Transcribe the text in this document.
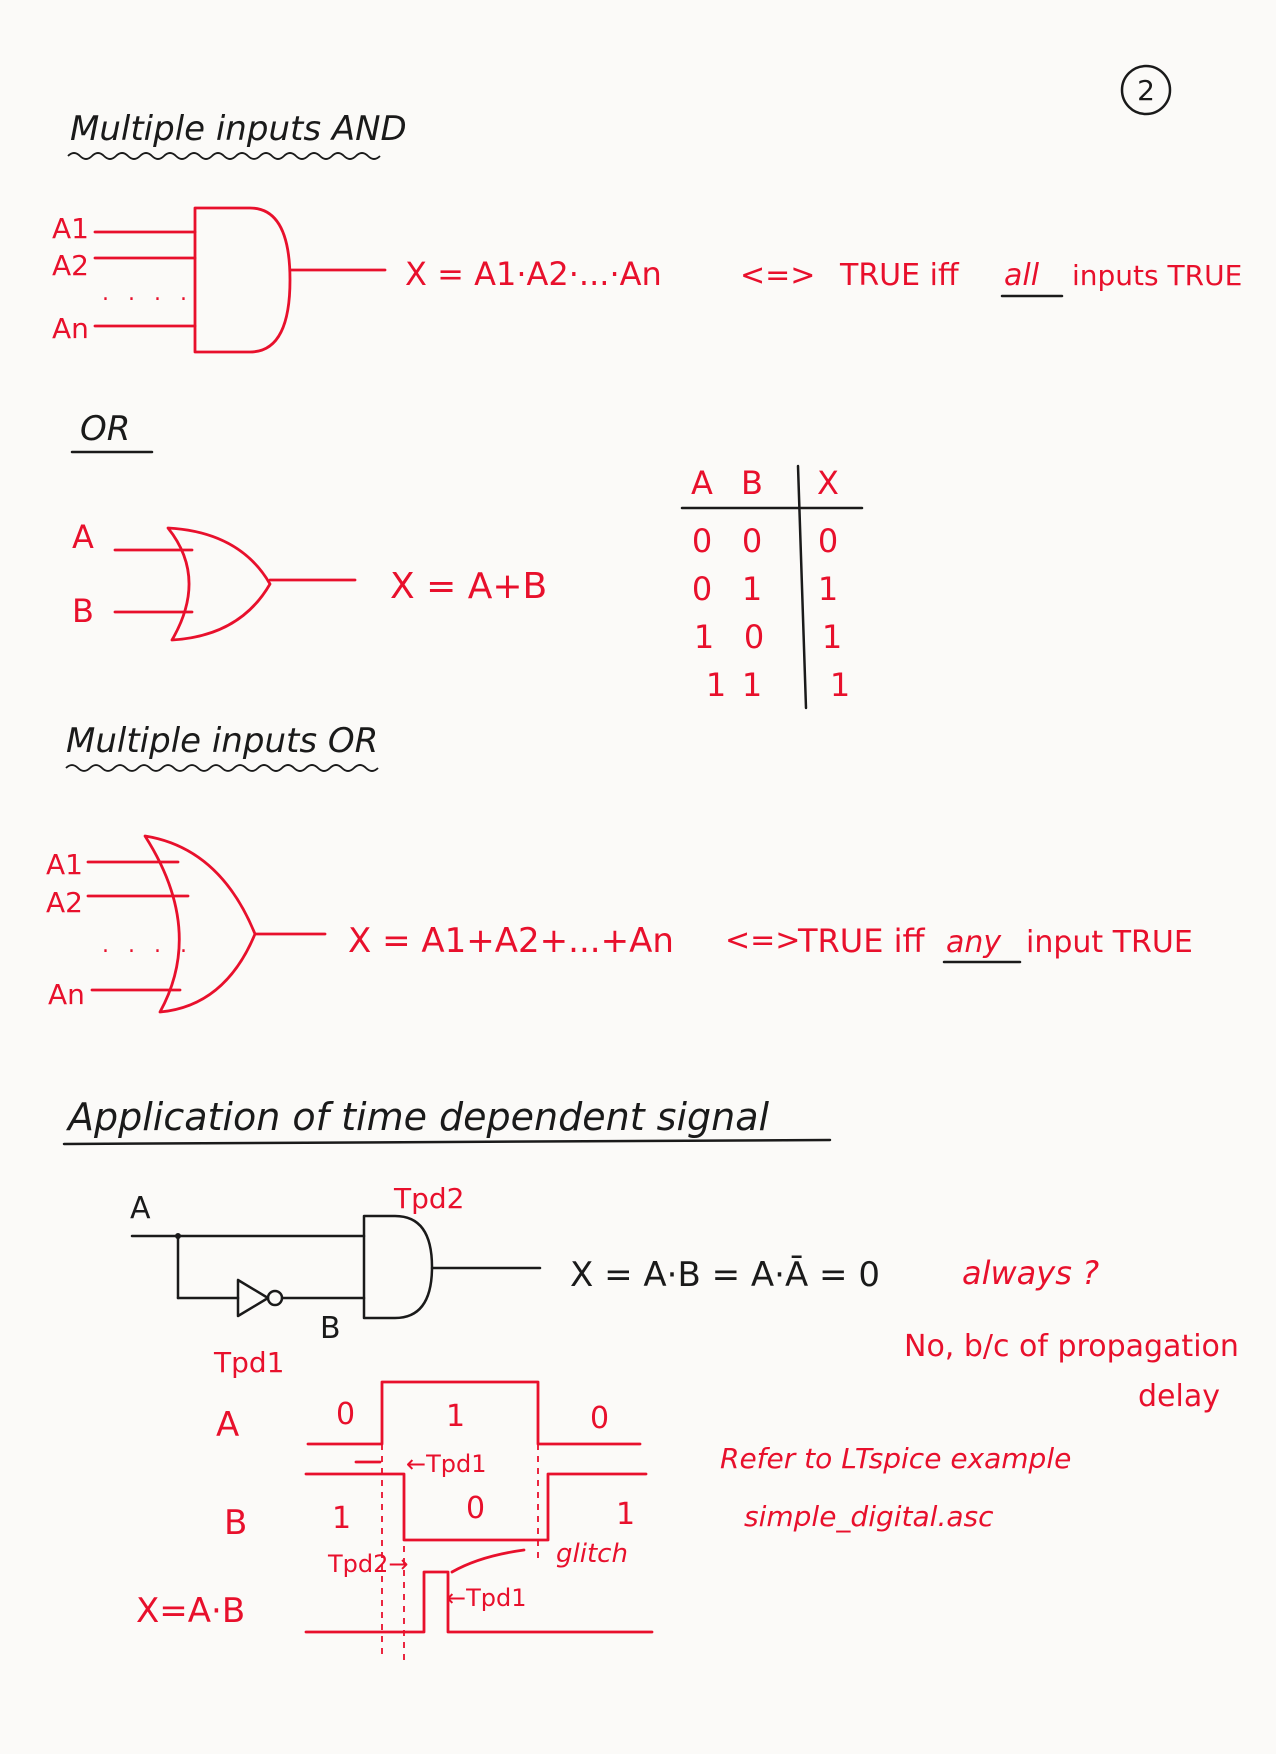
2
Multiple inputs AND
A1
A2
. . . .
An
X = A1·A2·...·An	<=> TRUE iff all inputs TRUE
OR
A
B
X = A+B
A B X
0 0 0
0 1 1
1 0 1
1 1 1
Multiple inputs OR
A1
A2
. . . .
An
X = A1+A2+...+An <=>
TRUE iff any input TRUE
Application of time dependent signal
A
B
Tpd2
Tpd1
X = A·B = A·Ā = 0	always ?
No, b/c of propagation
delay
Refer to LTspice example
simple_digital.asc
A
B
X=A·B
0	1	0
1	0	1
←Tpd1
Tpd2→
←Tpd1
glitch
